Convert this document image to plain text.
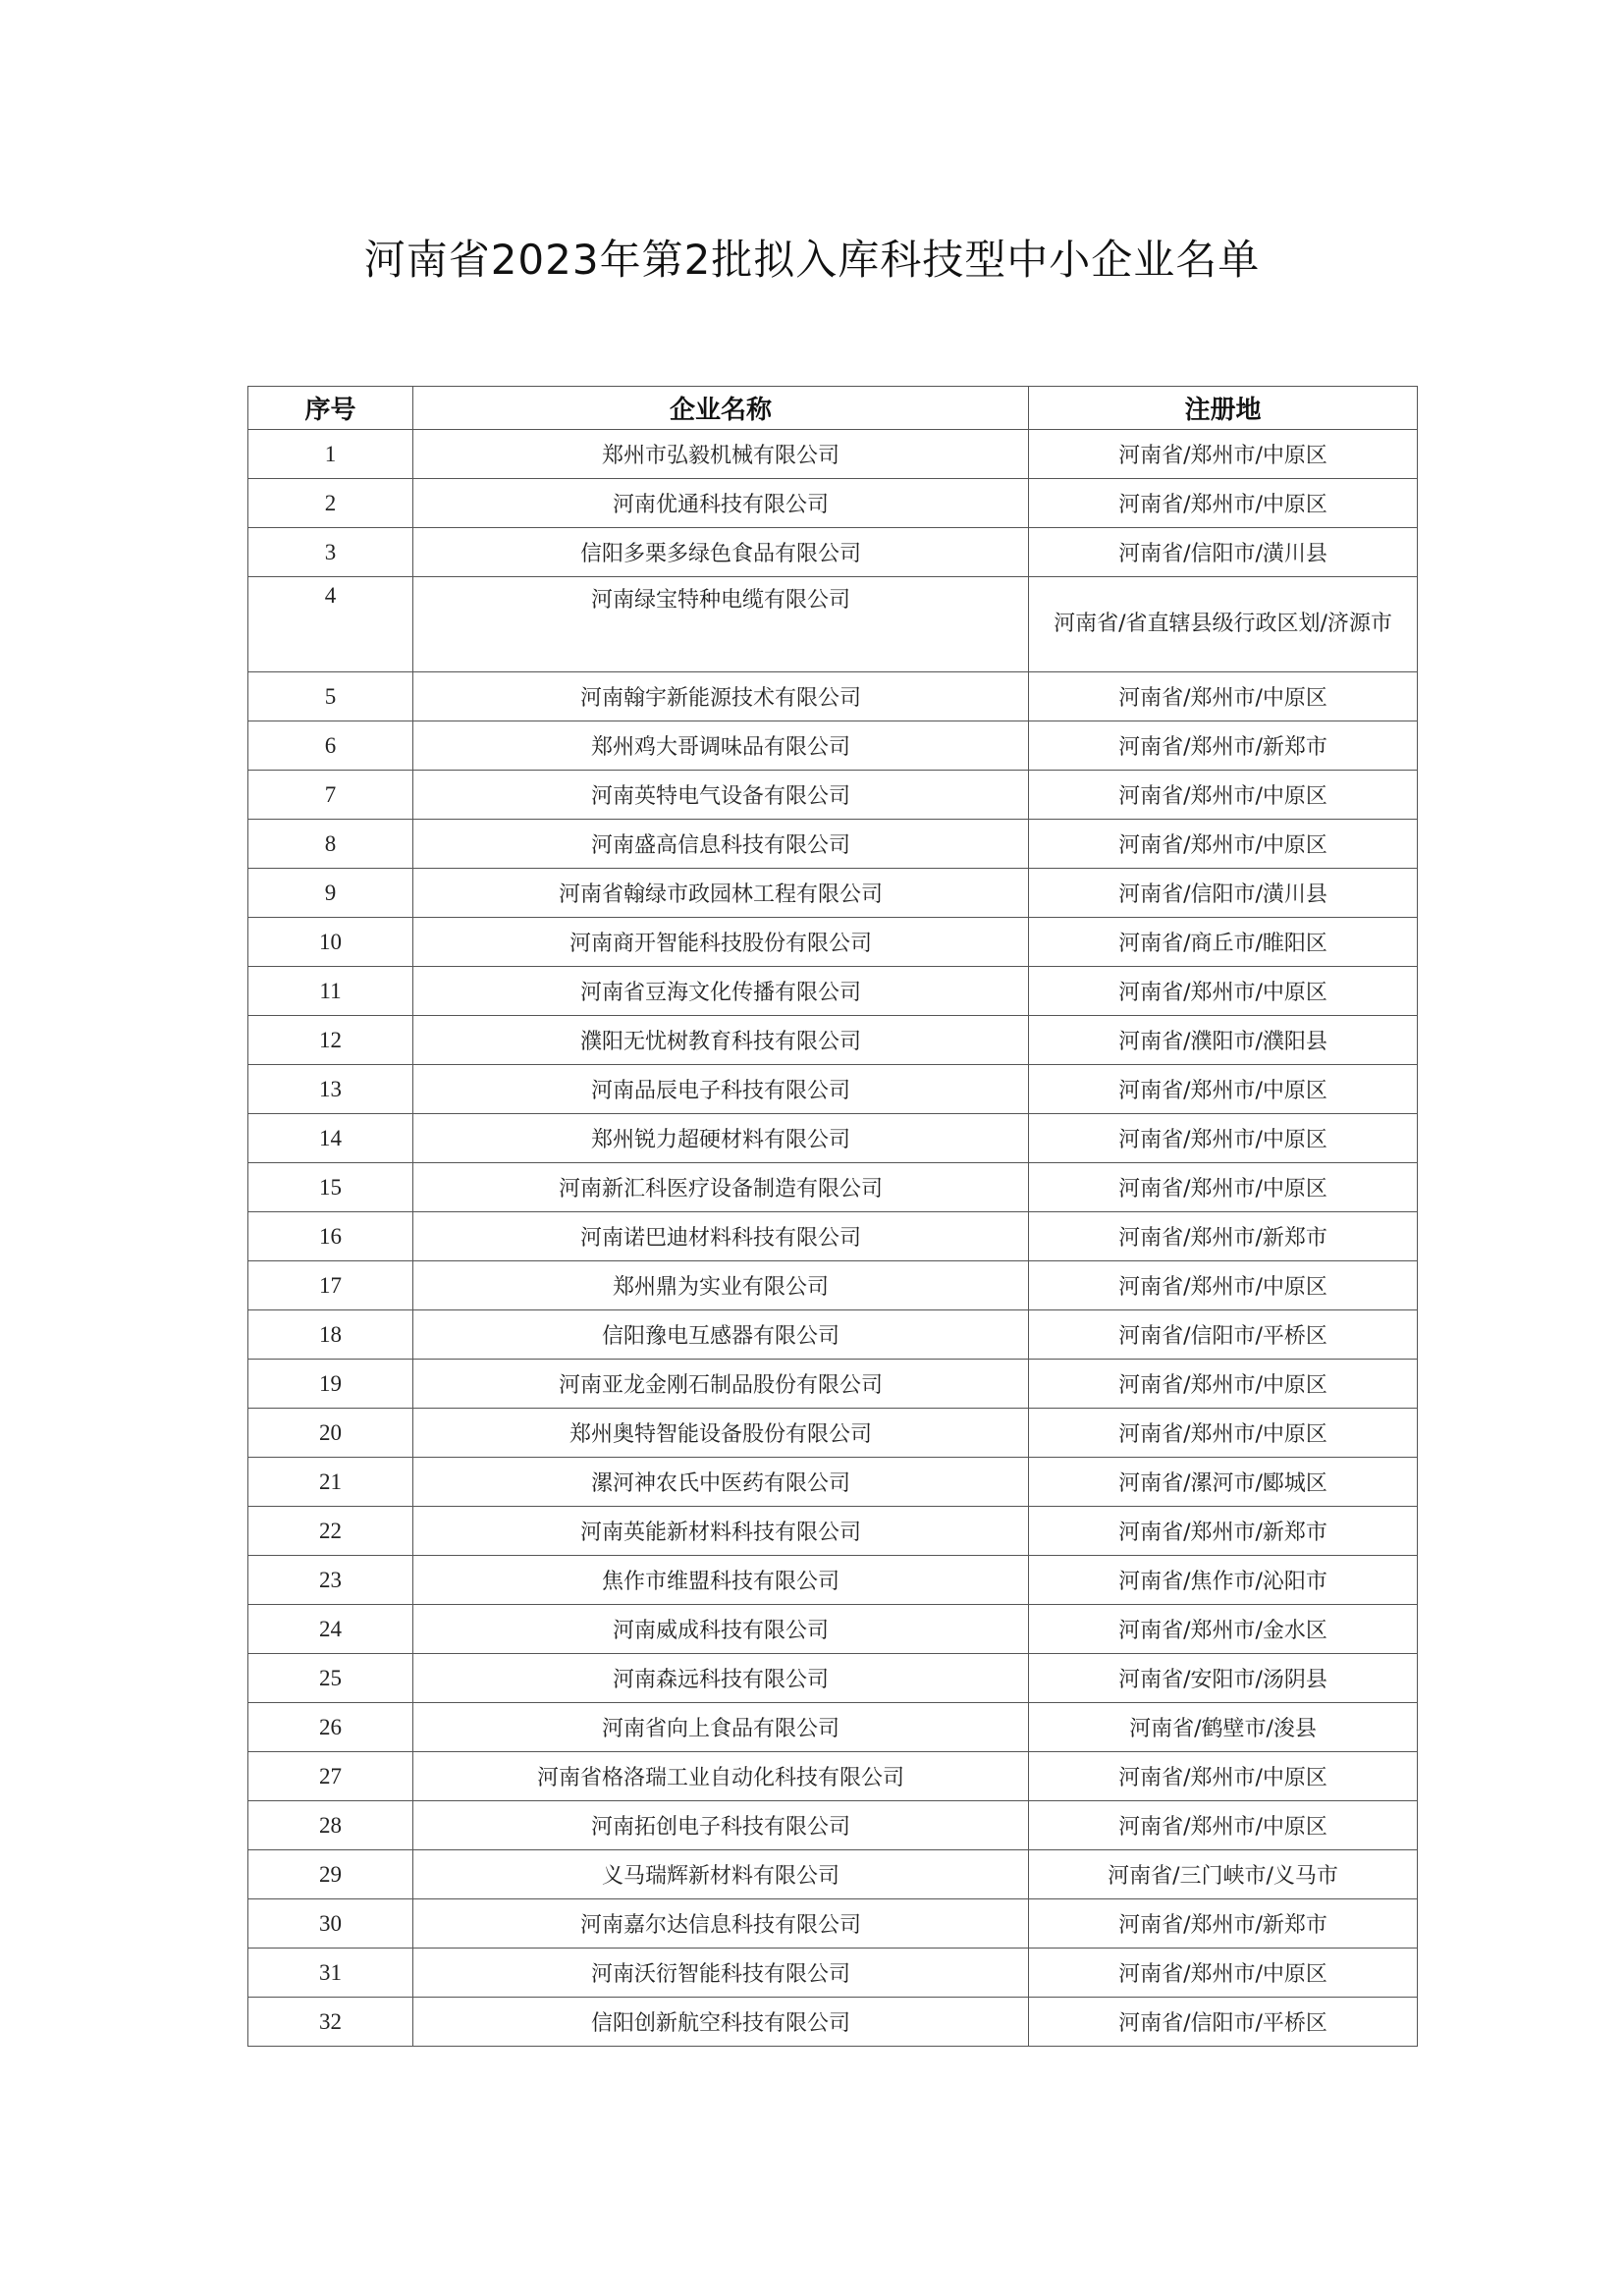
河南省2023年第2批拟入库科技型中小企业名单
序号	企业名称	注册地
1	郑州市弘毅机械有限公司	河南省/郑州市/中原区
2	河南优通科技有限公司	河南省/郑州市/中原区
3	信阳多栗多绿色食品有限公司	河南省/信阳市/潢川县
4	河南绿宝特种电缆有限公司	河南省/省直辖县级行政区划/济源市
5	河南翰宇新能源技术有限公司	河南省/郑州市/中原区
6	郑州鸡大哥调味品有限公司	河南省/郑州市/新郑市
7	河南英特电气设备有限公司	河南省/郑州市/中原区
8	河南盛高信息科技有限公司	河南省/郑州市/中原区
9	河南省翰绿市政园林工程有限公司	河南省/信阳市/潢川县
10	河南商开智能科技股份有限公司	河南省/商丘市/睢阳区
11	河南省豆海文化传播有限公司	河南省/郑州市/中原区
12	濮阳无忧树教育科技有限公司	河南省/濮阳市/濮阳县
13	河南品辰电子科技有限公司	河南省/郑州市/中原区
14	郑州锐力超硬材料有限公司	河南省/郑州市/中原区
15	河南新汇科医疗设备制造有限公司	河南省/郑州市/中原区
16	河南诺巴迪材料科技有限公司	河南省/郑州市/新郑市
17	郑州鼎为实业有限公司	河南省/郑州市/中原区
18	信阳豫电互感器有限公司	河南省/信阳市/平桥区
19	河南亚龙金刚石制品股份有限公司	河南省/郑州市/中原区
20	郑州奥特智能设备股份有限公司	河南省/郑州市/中原区
21	漯河神农氏中医药有限公司	河南省/漯河市/郾城区
22	河南英能新材料科技有限公司	河南省/郑州市/新郑市
23	焦作市维盟科技有限公司	河南省/焦作市/沁阳市
24	河南威成科技有限公司	河南省/郑州市/金水区
25	河南森远科技有限公司	河南省/安阳市/汤阴县
26	河南省向上食品有限公司	河南省/鹤壁市/浚县
27	河南省格洛瑞工业自动化科技有限公司	河南省/郑州市/中原区
28	河南拓创电子科技有限公司	河南省/郑州市/中原区
29	义马瑞辉新材料有限公司	河南省/三门峡市/义马市
30	河南嘉尔达信息科技有限公司	河南省/郑州市/新郑市
31	河南沃衍智能科技有限公司	河南省/郑州市/中原区
32	信阳创新航空科技有限公司	河南省/信阳市/平桥区
